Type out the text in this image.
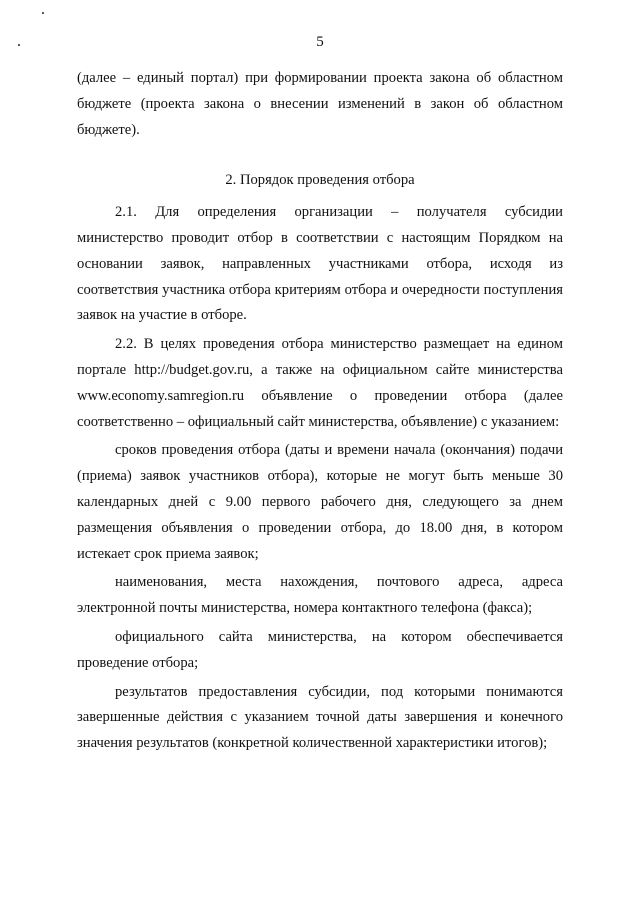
5

(далее – единый портал) при формировании проекта закона об областном бюджете (проекта закона о внесении изменений в закон об областном бюджете).

2. Порядок проведения отбора

2.1. Для определения организации – получателя субсидии министерство проводит отбор в соответствии с настоящим Порядком на основании заявок, направленных участниками отбора, исходя из соответствия участника отбора критериям отбора и очередности поступления заявок на участие в отборе.

2.2. В целях проведения отбора министерство размещает на едином портале http://budget.gov.ru, а также на официальном сайте министерства www.economy.samregion.ru объявление о проведении отбора (далее соответственно – официальный сайт министерства, объявление) с указанием:

сроков проведения отбора (даты и времени начала (окончания) подачи (приема) заявок участников отбора), которые не могут быть меньше 30 календарных дней с 9.00 первого рабочего дня, следующего за днем размещения объявления о проведении отбора, до 18.00 дня, в котором истекает срок приема заявок;

наименования, места нахождения, почтового адреса, адреса электронной почты министерства, номера контактного телефона (факса);

официального сайта министерства, на котором обеспечивается проведение отбора;

результатов предоставления субсидии, под которыми понимаются завершенные действия с указанием точной даты завершения и конечного значения результатов (конкретной количественной характеристики итогов);
